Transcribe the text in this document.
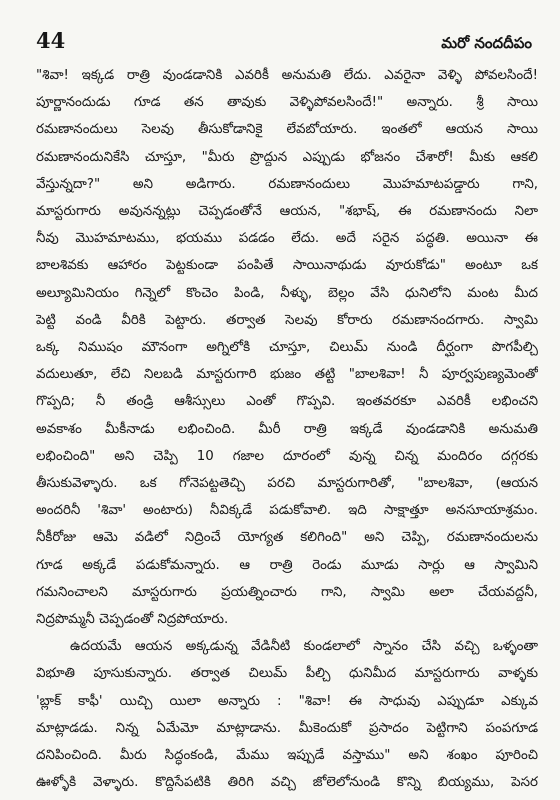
44	మరో నందదీపం
"శివా! ఇక్కడ రాత్రి వుండడానికి ఎవరికీ అనుమతి లేదు. ఎవరైనా వెళ్ళి పోవలసిందే!
పూర్ణానందుడు గూడ తన తావుకు వెళ్ళిపోవలసిందే!" అన్నారు. శ్రీ సాయి
రమణానందులు సెలవు తీసుకోడానికై లేవబోయారు. ఇంతలో ఆయన సాయి
రమణానందునికేసి చూస్తూ, "మీరు ప్రొద్దున ఎప్పుడు భోజనం చేశారో! మీకు ఆకలి
వేస్తున్నదా?" అని అడిగారు. రమణానందులు మొహమాటపడ్డారు గాని,
మాస్టరుగారు అవునన్నట్లు చెప్పడంతోనే ఆయన, "శభాష్, ఈ రమణానందు నిలా
నీవు మొహమాటము, భయము పడడం లేదు. అదే సరైన పద్ధతి. అయినా ఈ
బాలశివకు ఆహారం పెట్టకుండా పంపితే సాయినాథుడు వూరుకోడు" అంటూ ఒక
అల్యూమినియం గిన్నెలో కొంచెం పిండి, నీళ్ళు, బెల్లం వేసి ధునిలోని మంట మీద
పెట్టి వండి వీరికి పెట్టారు. తర్వాత సెలవు కోరారు రమణానందగారు. స్వామి
ఒక్క నిముషం మౌనంగా అగ్నిలోకి చూస్తూ, చిలుమ్ నుండి దీర్ఘంగా పొగపీల్చి
వదులుతూ, లేచి నిలబడి మాస్టరుగారి భుజం తట్టి "బాలశివా! నీ పూర్వపుణ్యమెంతో
గొప్పది; నీ తండ్రి ఆశీస్సులు ఎంతో గొప్పవి. ఇంతవరకూ ఎవరికీ లభించని
అవకాశం మీకీనాడు లభించింది. మీరీ రాత్రి ఇక్కడే వుండడానికి అనుమతి
లభించింది" అని చెప్పి 10 గజాల దూరంలో వున్న చిన్న మందిరం దగ్గరకు
తీసుకువెళ్ళారు. ఒక గోనెపట్టతెచ్చి పరచి మాస్టరుగారితో, "బాలశివా, (ఆయన
అందరినీ 'శివా' అంటారు) నీవిక్కడే పడుకోవాలి. ఇది సాక్షాత్తూ అనసూయాశ్రమం.
నీకీరోజు ఆమె వడిలో నిద్రించే యోగ్యత కలిగింది" అని చెప్పి, రమణానందులను
గూడ అక్కడే పడుకోమన్నారు. ఆ రాత్రి రెండు మూడు సార్లు ఆ స్వామిని
గమనించాలని మాస్టరుగారు ప్రయత్నించారు గాని, స్వామి అలా చేయవద్దనీ,
నిద్రపొమ్మనీ చెప్పడంతో నిద్రపోయారు.
ఉదయమే ఆయన అక్కడున్న వేడినీటి కుండలాలో స్నానం చేసి వచ్చి ఒళ్ళంతా
విభూతి పూసుకున్నారు. తర్వాత చిలుమ్ పీల్చి ధునిమీద మాస్టరుగారు వాళ్ళకు
'బ్లాక్ కాఫీ' యిచ్చి యిలా అన్నారు : "శివా! ఈ సాధువు ఎప్పుడూ ఎక్కువ
మాట్లాడడు. నిన్న ఏమేమో మాట్లాడాను. మీకెందుకో ప్రసాదం పెట్టిగాని పంపగూడ
దనిపించింది. మీరు సిద్ధంకండి, మేము ఇప్పుడే వస్తాము" అని శంఖం పూరించి
ఊళ్ళోకి వెళ్ళారు. కొద్దిసేపటికి తిరిగి వచ్చి జోలెలోనుండి కొన్ని బియ్యము, పెసర
